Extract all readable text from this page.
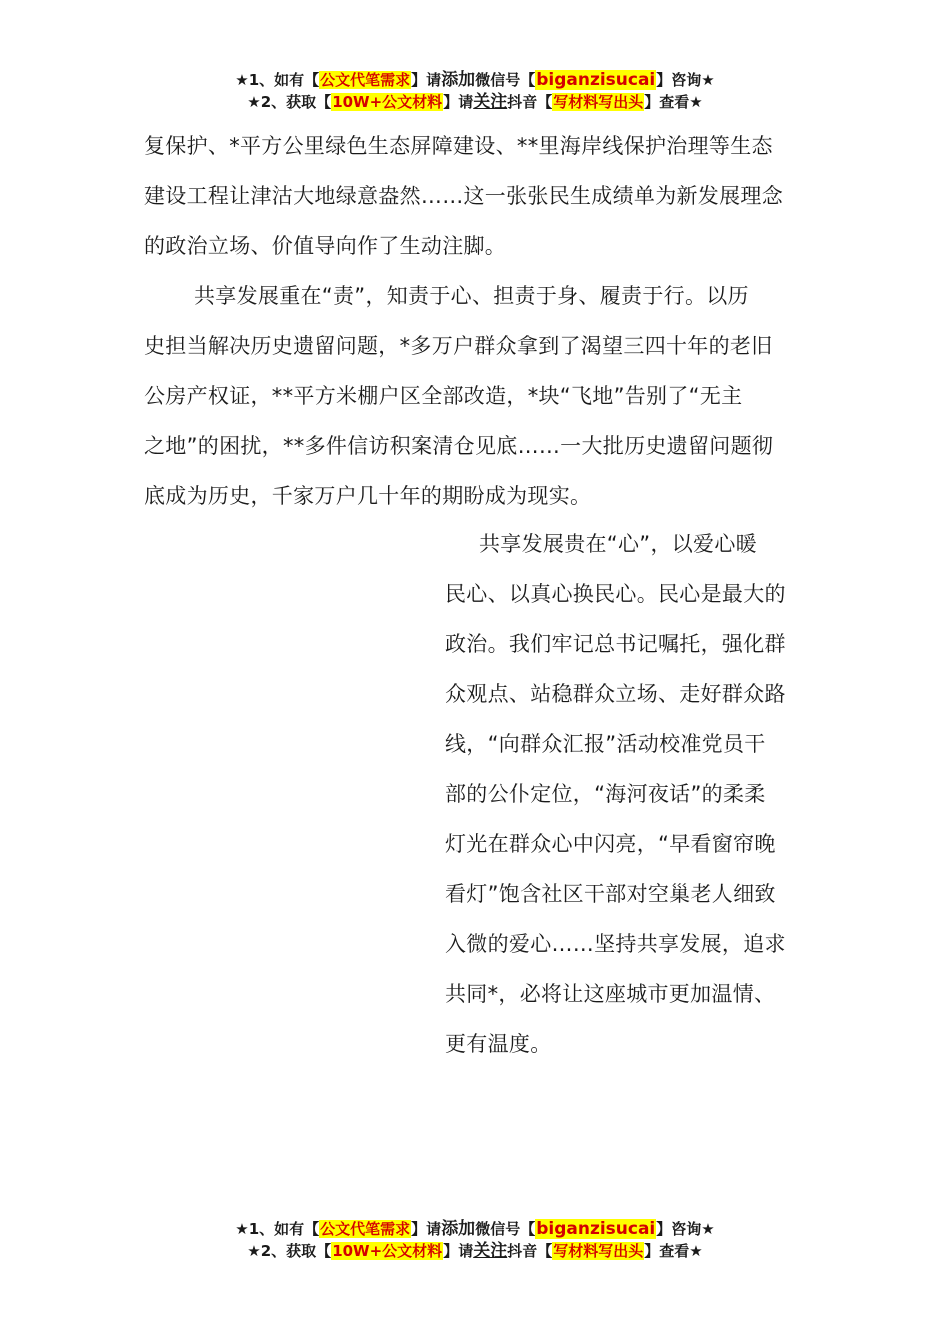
★1、如有【公文代笔需求】请添加微信号【biganzisucai】咨询★
★2、获取【10W+公文材料】请关注抖音【写材料写出头】查看★

复保护、*平方公里绿色生态屏障建设、**里海岸线保护治理等生态

建设工程让津沽大地绿意盎然……这一张张民生成绩单为新发展理念

的政治立场、价值导向作了生动注脚。

共享发展重在“责”，知责于心、担责于身、履责于行。以历

史担当解决历史遗留问题，*多万户群众拿到了渴望三四十年的老旧

公房产权证，**平方米棚户区全部改造，*块“飞地”告别了“无主

之地”的困扰，**多件信访积案清仓见底……一大批历史遗留问题彻

底成为历史，千家万户几十年的期盼成为现实。

共享发展贵在“心”，以爱心暖

民心、以真心换民心。民心是最大的

政治。我们牢记总书记嘱托，强化群

众观点、站稳群众立场、走好群众路

线，“向群众汇报”活动校准党员干

部的公仆定位，“海河夜话”的柔柔

灯光在群众心中闪亮，“早看窗帘晚

看灯”饱含社区干部对空巢老人细致

入微的爱心……坚持共享发展，追求

共同*，必将让这座城市更加温情、

更有温度。

★1、如有【公文代笔需求】请添加微信号【biganzisucai】咨询★
★2、获取【10W+公文材料】请关注抖音【写材料写出头】查看★
